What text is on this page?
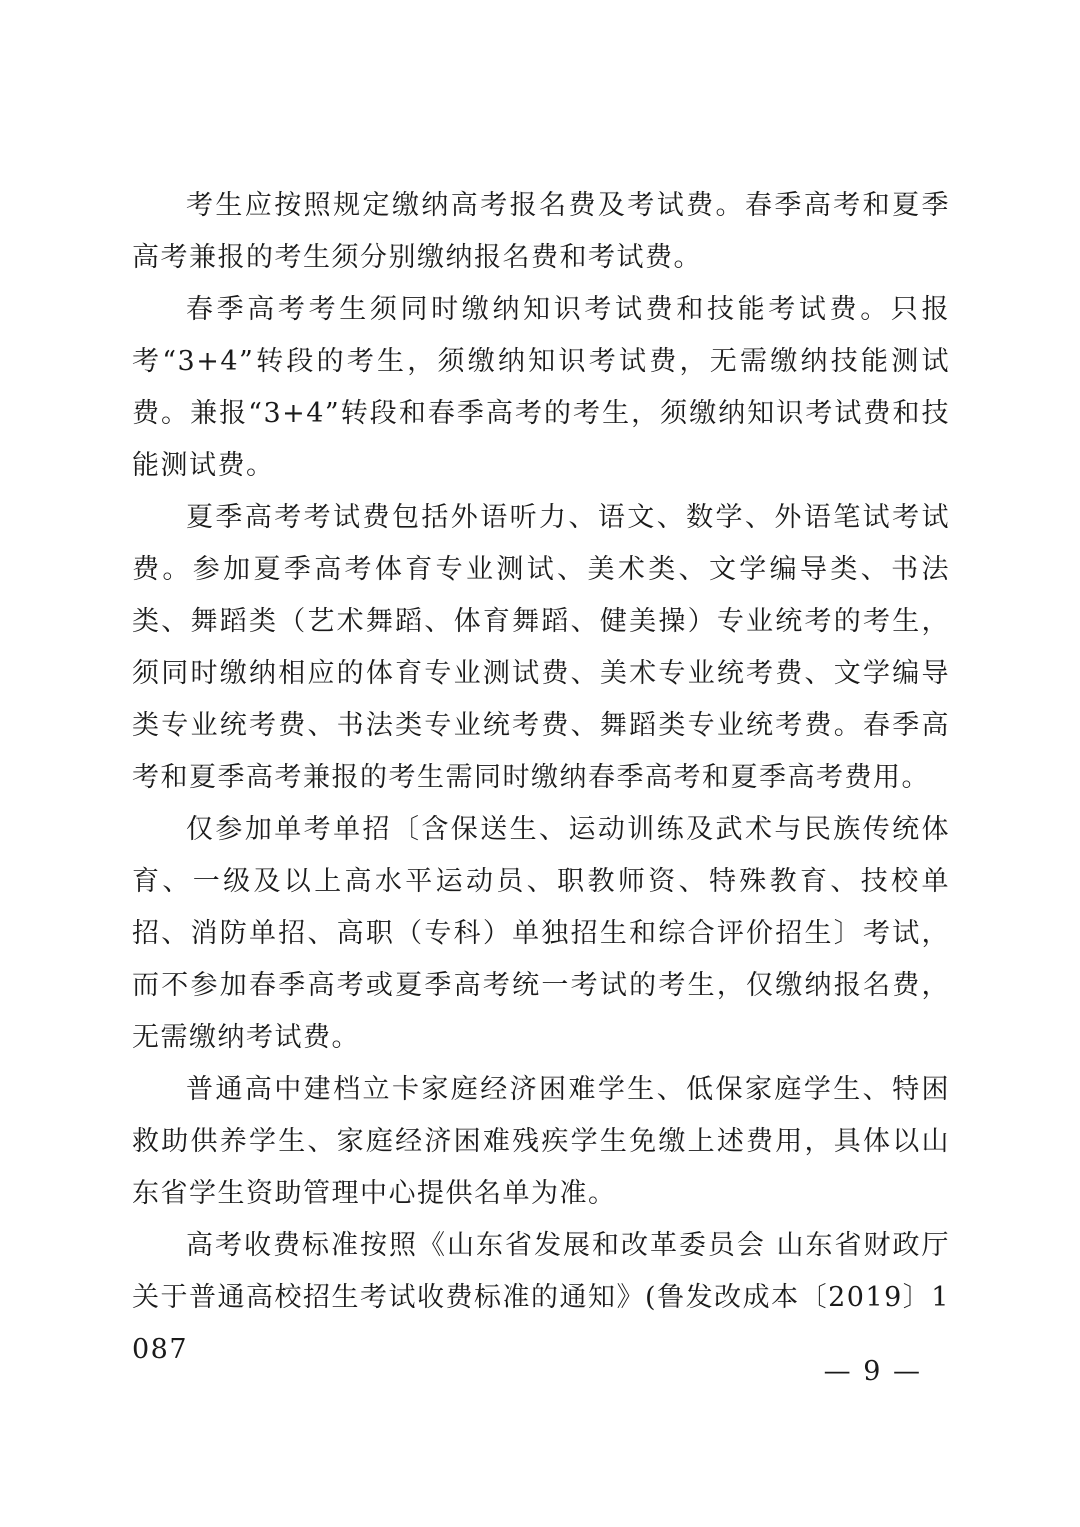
考生应按照规定缴纳高考报名费及考试费。春季高考和夏季高考兼报的考生须分别缴纳报名费和考试费。

春季高考考生须同时缴纳知识考试费和技能考试费。只报考“3+4”转段的考生，须缴纳知识考试费，无需缴纳技能测试费。兼报“3+4”转段和春季高考的考生，须缴纳知识考试费和技能测试费。

夏季高考考试费包括外语听力、语文、数学、外语笔试考试费。参加夏季高考体育专业测试、美术类、文学编导类、书法类、舞蹈类（艺术舞蹈、体育舞蹈、健美操）专业统考的考生，须同时缴纳相应的体育专业测试费、美术专业统考费、文学编导类专业统考费、书法类专业统考费、舞蹈类专业统考费。春季高考和夏季高考兼报的考生需同时缴纳春季高考和夏季高考费用。

仅参加单考单招〔含保送生、运动训练及武术与民族传统体育、一级及以上高水平运动员、职教师资、特殊教育、技校单招、消防单招、高职（专科）单独招生和综合评价招生〕考试，而不参加春季高考或夏季高考统一考试的考生，仅缴纳报名费，无需缴纳考试费。

普通高中建档立卡家庭经济困难学生、低保家庭学生、特困救助供养学生、家庭经济困难残疾学生免缴上述费用，具体以山东省学生资助管理中心提供名单为准。

高考收费标准按照《山东省发展和改革委员会 山东省财政厅关于普通高校招生考试收费标准的通知》(鲁发改成本〔2019〕1087

— 9 —
